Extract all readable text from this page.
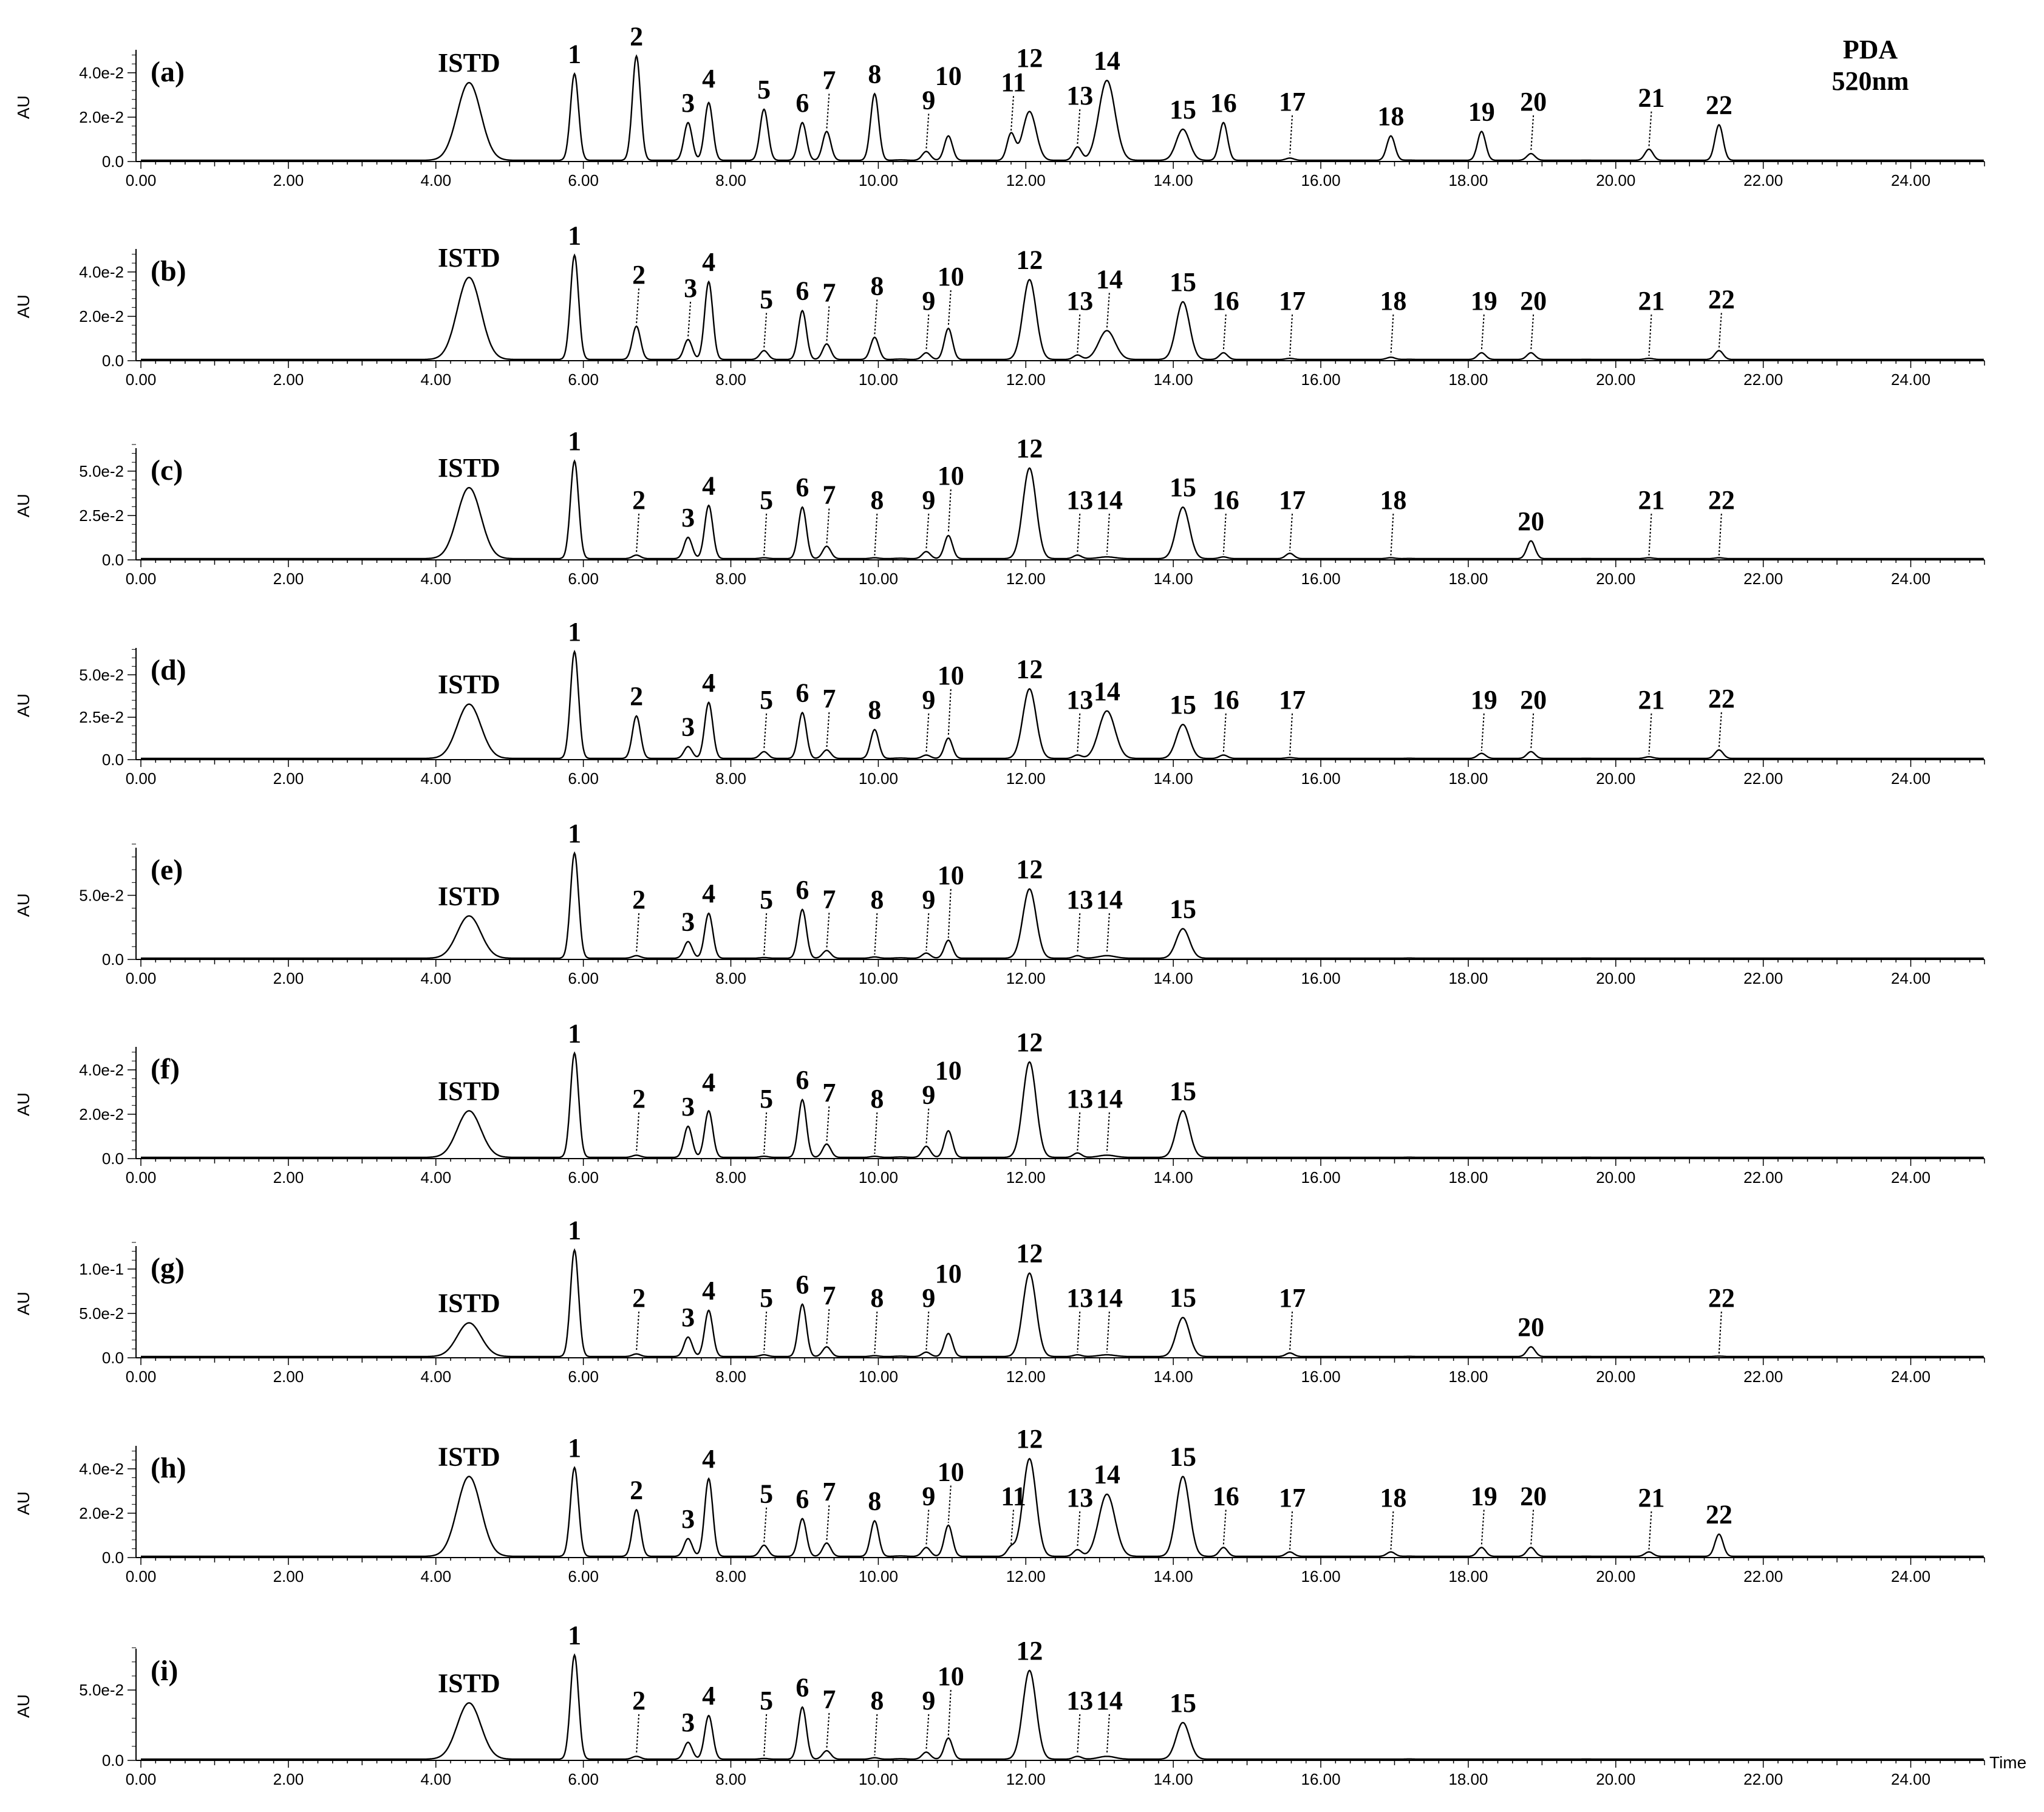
PDA
520nm
0.00	2.00	4.00	6.00	8.00	10.00	12.00	14.00	16.00	18.00	20.00	22.00	24.00
0.0
2.0e-2
4.0e-2
AU
(a)	ISTD	1
2
3
4 5 6
7 8
9
10 11
12
13
14
15 16 17	18 19 20	21 22
0.00	2.00	4.00	6.00	8.00	10.00	12.00	14.00	16.00	18.00	20.00	22.00	24.00
0.0
2.0e-2
4.0e-2
AU
(b)	ISTD
1
2 3
4
5 6 7 8
9
10
12
13
14 15
16 17	18 19 20	21 22
0.00	2.00	4.00	6.00	8.00	10.00	12.00	14.00	16.00	18.00	20.00	22.00	24.00
0.0
2.5e-2
5.0e-2
AU
(c)	ISTD
1
2
3
4 5 6 7 8 9
10
12
13 14 15 16 17	18
20
21 22
0.00	2.00	4.00	6.00	8.00	10.00	12.00	14.00	16.00	18.00	20.00	22.00	24.00
0.0
2.5e-2
5.0e-2
AU
(d)	ISTD
1
2
3
4
5 6 7 8 9
10 12
13 14 15 16 17	19 20	21 22
0.00	2.00	4.00	6.00	8.00	10.00	12.00	14.00	16.00	18.00	20.00	22.00	24.00
0.0
5.0e-2
AU
(e)
ISTD
1
2
3
4 5 6 7 8 9
10 12
13 14 15
0.00	2.00	4.00	6.00	8.00	10.00	12.00	14.00	16.00	18.00	20.00	22.00	24.00
0.0
2.0e-2
4.0e-2
AU
(f)
ISTD
1
2 3
4
5
6 7 8 9
10
12
13 14 15
0.00	2.00	4.00	6.00	8.00	10.00	12.00	14.00	16.00	18.00	20.00	22.00	24.00
0.0
5.0e-2
1.0e-1
AU
(g)
ISTD
1
2
3
4 5 6 7 8 9
10
12
13 14 15	17
20
22
0.00	2.00	4.00	6.00	8.00	10.00	12.00	14.00	16.00	18.00	20.00	22.00	24.00
0.0
2.0e-2
4.0e-2
AU
(h)	ISTD	1
2
3
4
5 6 7 8 9
10
11
12
13
14
15
16 17	18 19 20	21
22
0.00	2.00	4.00	6.00	8.00	10.00	12.00	14.00	16.00	18.00	20.00	22.00	24.00
0.0
5.0e-2
AU
(i)	ISTD
1
2
3
4 5 6 7 8 9
10
12
13 14 15
Time
